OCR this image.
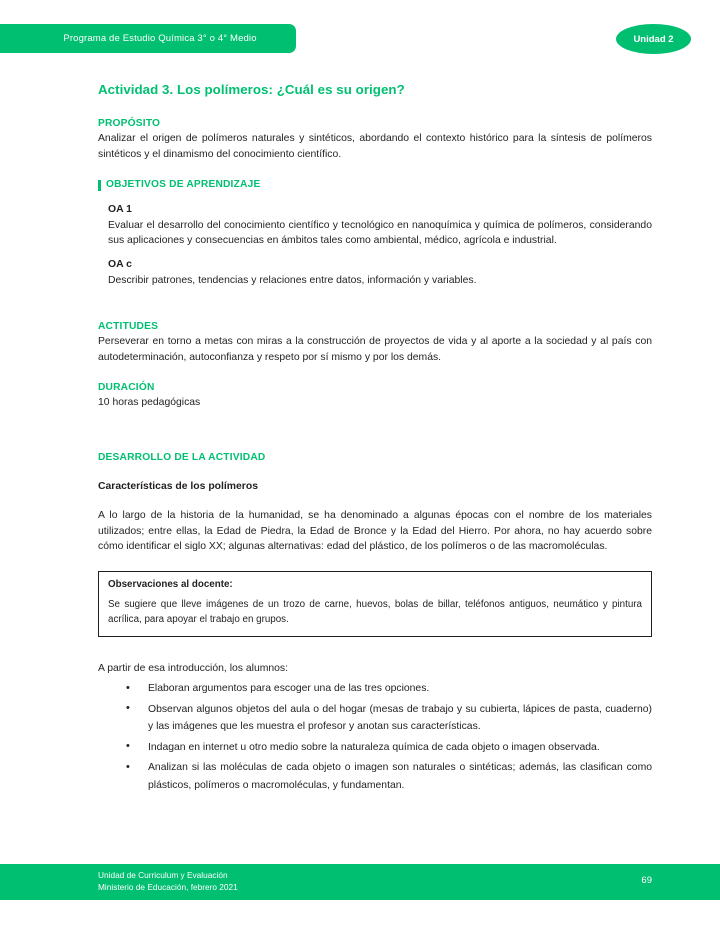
Programa de Estudio Química 3° o 4° Medio	Unidad 2
Actividad 3. Los polímeros: ¿Cuál es su origen?
PROPÓSITO

Analizar el origen de polímeros naturales y sintéticos, abordando el contexto histórico para la síntesis de polímeros sintéticos y el dinamismo del conocimiento científico.

OBJETIVOS DE APRENDIZAJE

OA 1

Evaluar el desarrollo del conocimiento científico y tecnológico en nanoquímica y química de polímeros, considerando sus aplicaciones y consecuencias en ámbitos tales como ambiental, médico, agrícola e industrial.

OA c

Describir patrones, tendencias y relaciones entre datos, información y variables.

ACTITUDES

Perseverar en torno a metas con miras a la construcción de proyectos de vida y al aporte a la sociedad y al país con autodeterminación, autoconfianza y respeto por sí mismo y por los demás.

DURACIÓN

10 horas pedagógicas

DESARROLLO DE LA ACTIVIDAD

Características de los polímeros

A lo largo de la historia de la humanidad, se ha denominado a algunas épocas con el nombre de los materiales utilizados; entre ellas, la Edad de Piedra, la Edad de Bronce y la Edad del Hierro. Por ahora, no hay acuerdo sobre cómo identificar el siglo XX; algunas alternativas: edad del plástico, de los polímeros o de las macromoléculas.

Observaciones al docente:

Se sugiere que lleve imágenes de un trozo de carne, huevos, bolas de billar, teléfonos antiguos, neumático y pintura acrílica, para apoyar el trabajo en grupos.

A partir de esa introducción, los alumnos:

• Elaboran argumentos para escoger una de las tres opciones.
• Observan algunos objetos del aula o del hogar (mesas de trabajo y su cubierta, lápices de pasta, cuaderno) y las imágenes que les muestra el profesor y anotan sus características.
• Indagan en internet u otro medio sobre la naturaleza química de cada objeto o imagen observada.
• Analizan si las moléculas de cada objeto o imagen son naturales o sintéticas; además, las clasifican como plásticos, polímeros o macromoléculas, y fundamentan.
Unidad de Curriculum y Evaluación
Ministerio de Educación, febrero 2021
69
